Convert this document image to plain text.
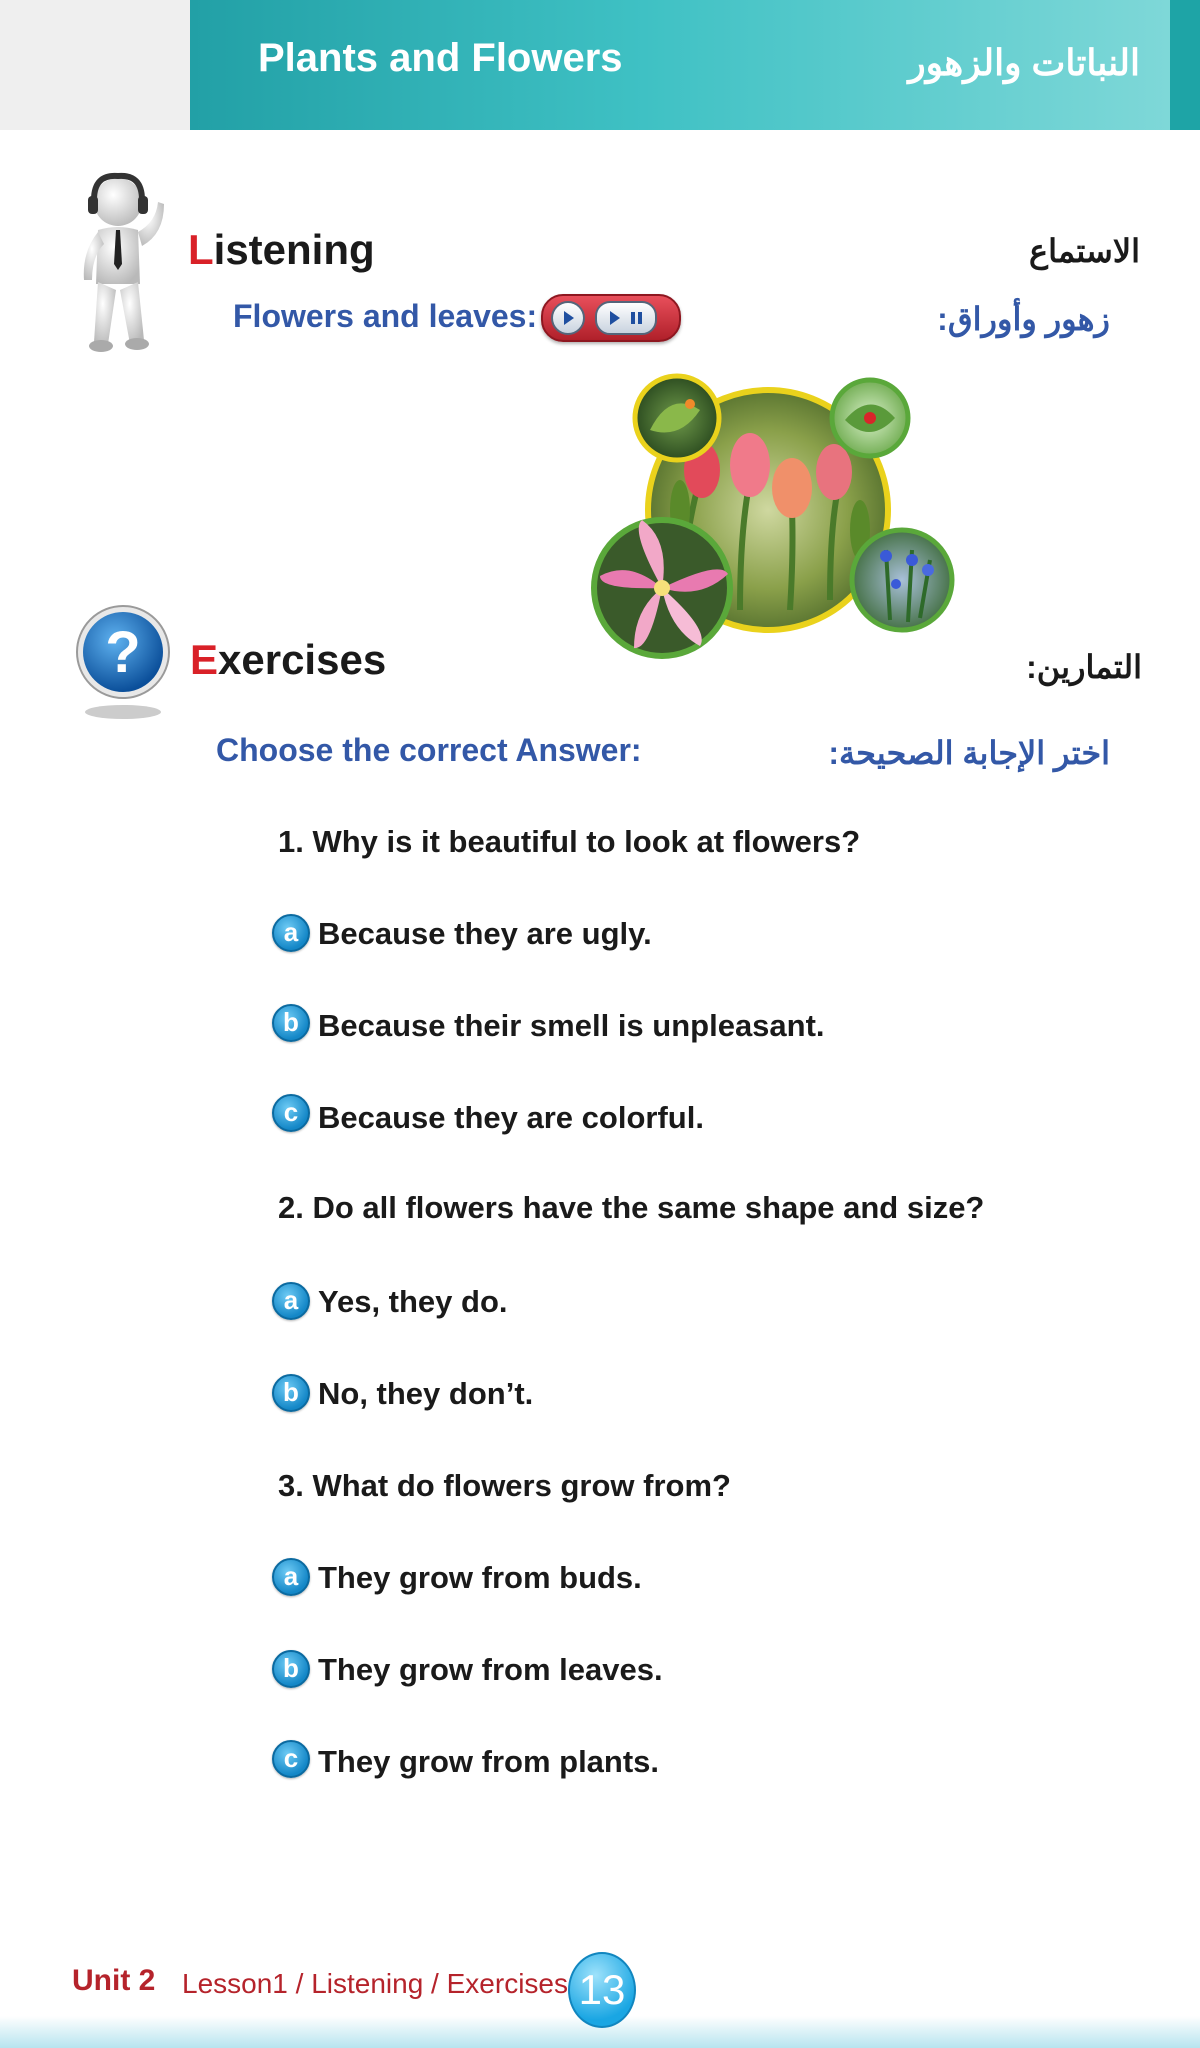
Plants and Flowers	النباتات والزهور
Listening	الاستماع
Flowers and leaves:	زهور وأوراق:
? Exercises	التمارين:
Choose the correct Answer:	اختر الإجابة الصحيحة:
1. Why is it beautiful to look at flowers?
a Because they are ugly.
b Because their smell is unpleasant.
c Because they are colorful.
2. Do all flowers have the same shape and size?
a Yes, they do.
b No, they don’t.
3. What do flowers grow from?
a They grow from buds.
b They grow from leaves.
c They grow from plants.
Unit 2 Lesson1 / Listening / Exercises 13
